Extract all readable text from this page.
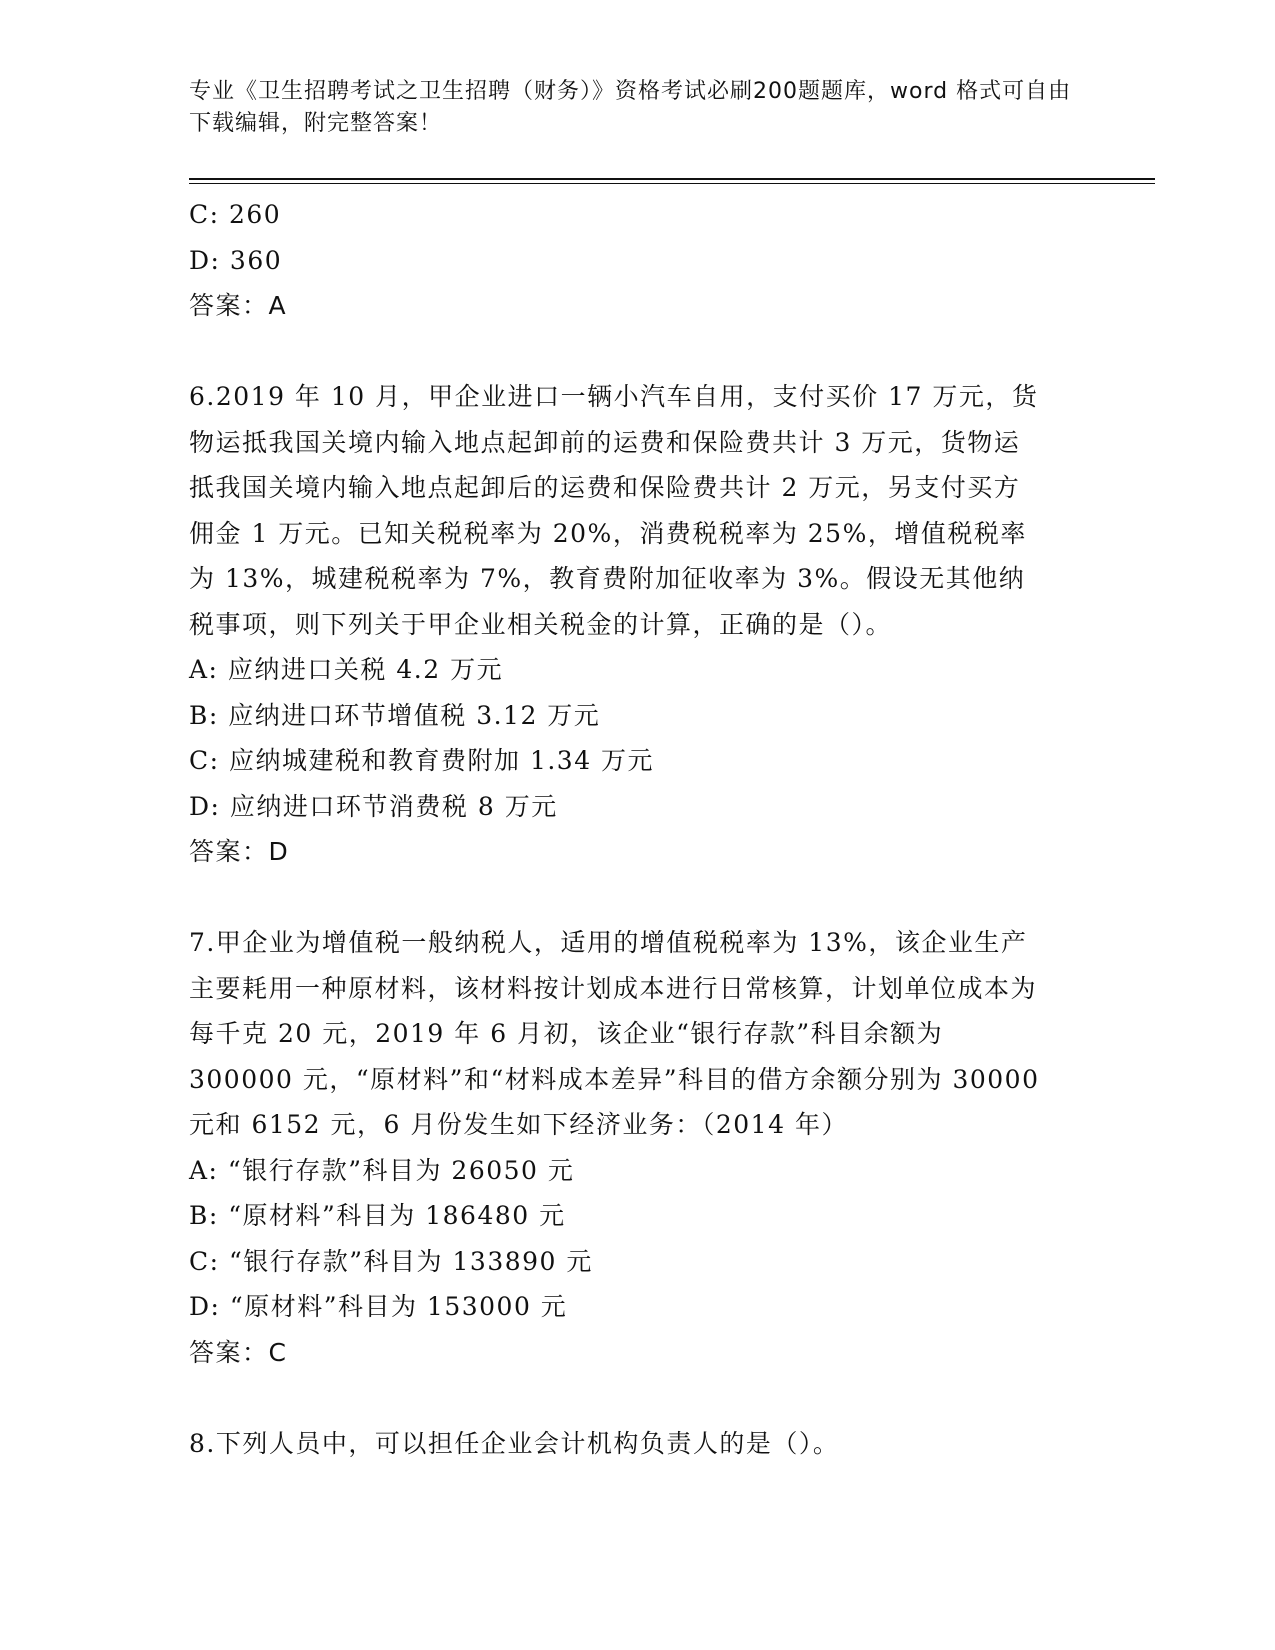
专业《卫生招聘考试之卫生招聘（财务）》资格考试必刷200题题库，word 格式可自由下载编辑，附完整答案！
C: 260
D: 360
答案：A

6.2019 年 10 月，甲企业进口一辆小汽车自用，支付买价 17 万元，货物运抵我国关境内输入地点起卸前的运费和保险费共计 3 万元，货物运抵我国关境内输入地点起卸后的运费和保险费共计 2 万元，另支付买方佣金 1 万元。已知关税税率为 20%，消费税税率为 25%，增值税税率为 13%，城建税税率为 7%，教育费附加征收率为 3%。假设无其他纳税事项，则下列关于甲企业相关税金的计算，正确的是（）。

A: 应纳进口关税 4.2 万元
B: 应纳进口环节增值税 3.12 万元
C: 应纳城建税和教育费附加 1.34 万元
D: 应纳进口环节消费税 8 万元
答案：D

7.甲企业为增值税一般纳税人，适用的增值税税率为 13%，该企业生产主要耗用一种原材料，该材料按计划成本进行日常核算，计划单位成本为每千克 20 元，2019 年 6 月初，该企业“银行存款”科目余额为 300000 元，“原材料”和“材料成本差异”科目的借方余额分别为 30000 元和 6152 元，6 月份发生如下经济业务：（2014 年）

A: “银行存款”科目为 26050 元
B: “原材料”科目为 186480 元
C: “银行存款”科目为 133890 元
D: “原材料”科目为 153000 元
答案：C

8.下列人员中，可以担任企业会计机构负责人的是（）。
